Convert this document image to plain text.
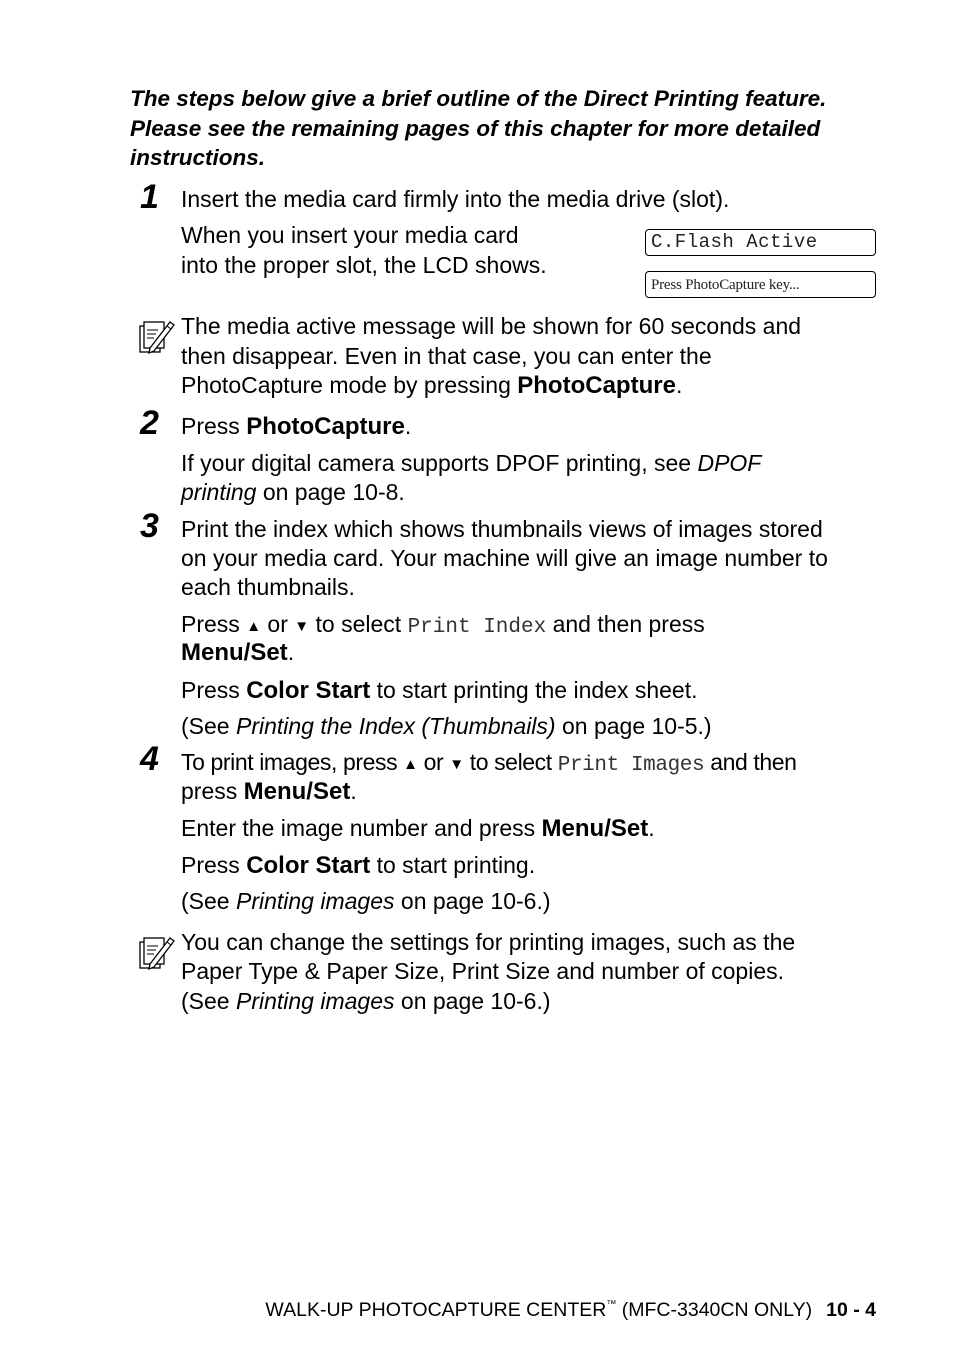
The steps below give a brief outline of the Direct Printing feature. Please see the remaining pages of this chapter for more detailed instructions.
1 Insert the media card firmly into the media drive (slot).
When you insert your media card
into the proper slot, the LCD shows.
C.Flash Active
Press PhotoCapture key...
The media active message will be shown for 60 seconds and
then disappear. Even in that case, you can enter the
PhotoCapture mode by pressing PhotoCapture.
2 Press PhotoCapture.
If your digital camera supports DPOF printing, see DPOF
printing on page 10-8.
3 Print the index which shows thumbnails views of images stored
on your media card. Your machine will give an image number to
each thumbnails.
Press ▲ or ▼ to select Print Index and then press
Menu/Set.
Press Color Start to start printing the index sheet.
(See Printing the Index (Thumbnails) on page 10-5.)
4 To print images, press ▲ or ▼ to select Print Images and then
press Menu/Set.
Enter the image number and press Menu/Set.
Press Color Start to start printing.
(See Printing images on page 10-6.)
You can change the settings for printing images, such as the
Paper Type & Paper Size, Print Size and number of copies.
(See Printing images on page 10-6.)
WALK-UP PHOTOCAPTURE CENTER™ (MFC-3340CN ONLY) 10 - 4
